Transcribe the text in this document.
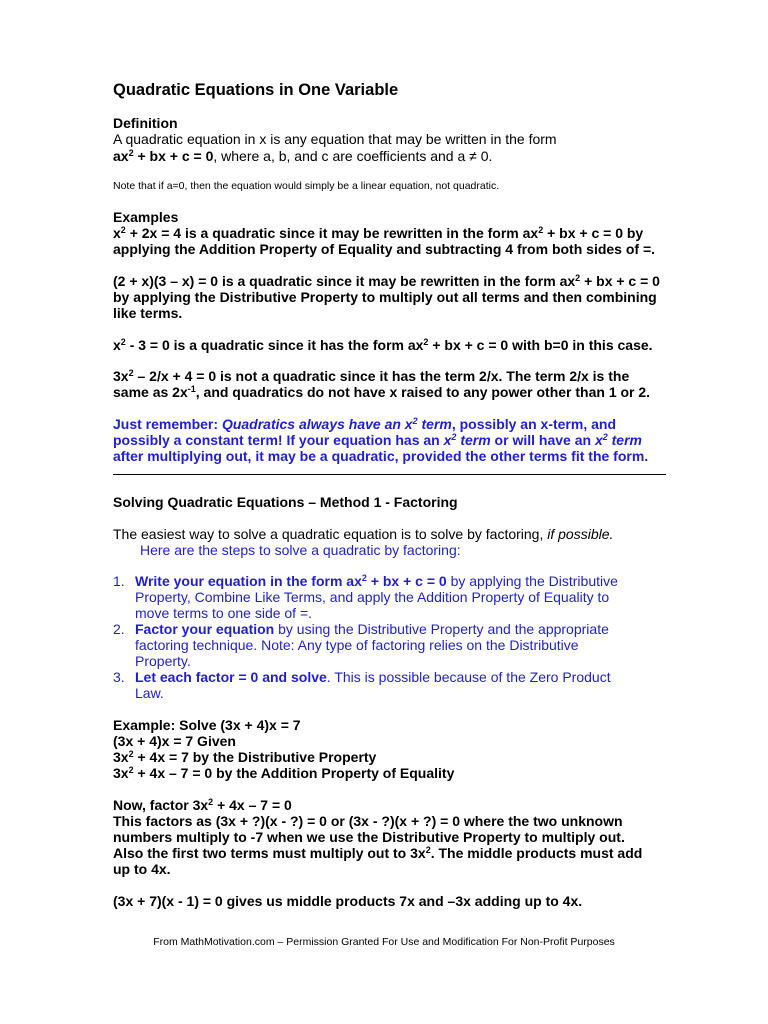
Quadratic Equations in One Variable
Definition
A quadratic equation in x is any equation that may be written in the form
$ax^2$ + bx + c = 0, where a, b, and c are coefficients and a ≠ 0.
Note that if a=0, then the equation would simply be a linear equation, not quadratic.
Examples
$x^2 + 2x = 4$ is a quadratic since it may be rewritten in the form $ax^2$ + bx + c = 0 by
applying the Addition Property of Equality and subtracting 4 from both sides of =.
(2 + x)(3 – x) = 0 is a quadratic since it may be rewritten in the form $ax^2$ + bx + c = 0
by applying the Distributive Property to multiply out all terms and then combining
like terms.
$x^2 - 3 = 0$ is a quadratic since it has the form $ax^2$ + bx + c = 0 with b=0 in this case.
$3x^2 - 2/x + 4 = 0$ is not a quadratic since it has the term 2/x. The term 2/x is the
same as $2x^{-1}$, and quadratics do not have x raised to any power other than 1 or 2.
Just remember: Quadratics always have an $x^2$ term, possibly an x-term, and
possibly a constant term! If your equation has an $x^2$ term or will have an $x^2$ term
after multiplying out, it may be a quadratic, provided the other terms fit the form.
Solving Quadratic Equations – Method 1 - Factoring
The easiest way to solve a quadratic equation is to solve by factoring, if possible.
Here are the steps to solve a quadratic by factoring:
1. Write your equation in the form $ax^2$ + bx + c = 0 by applying the Distributive
Property, Combine Like Terms, and apply the Addition Property of Equality to
move terms to one side of =.
2. Factor your equation by using the Distributive Property and the appropriate
factoring technique. Note: Any type of factoring relies on the Distributive
Property.
3. Let each factor = 0 and solve. This is possible because of the Zero Product
Law.
Example: Solve (3x + 4)x = 7
(3x + 4)x = 7 Given
$3x^2 + 4x = 7$ by the Distributive Property
$3x^2 + 4x - 7 = 0$ by the Addition Property of Equality
Now, factor $3x^2 + 4x - 7 = 0$
This factors as (3x + ?)(x - ?) = 0 or (3x - ?)(x + ?) = 0 where the two unknown
numbers multiply to -7 when we use the Distributive Property to multiply out.
Also the first two terms must multiply out to $3x^2$. The middle products must add
up to 4x.
(3x + 7)(x - 1) = 0 gives us middle products 7x and –3x adding up to 4x.
From MathMotivation.com – Permission Granted For Use and Modification For Non-Profit Purposes
